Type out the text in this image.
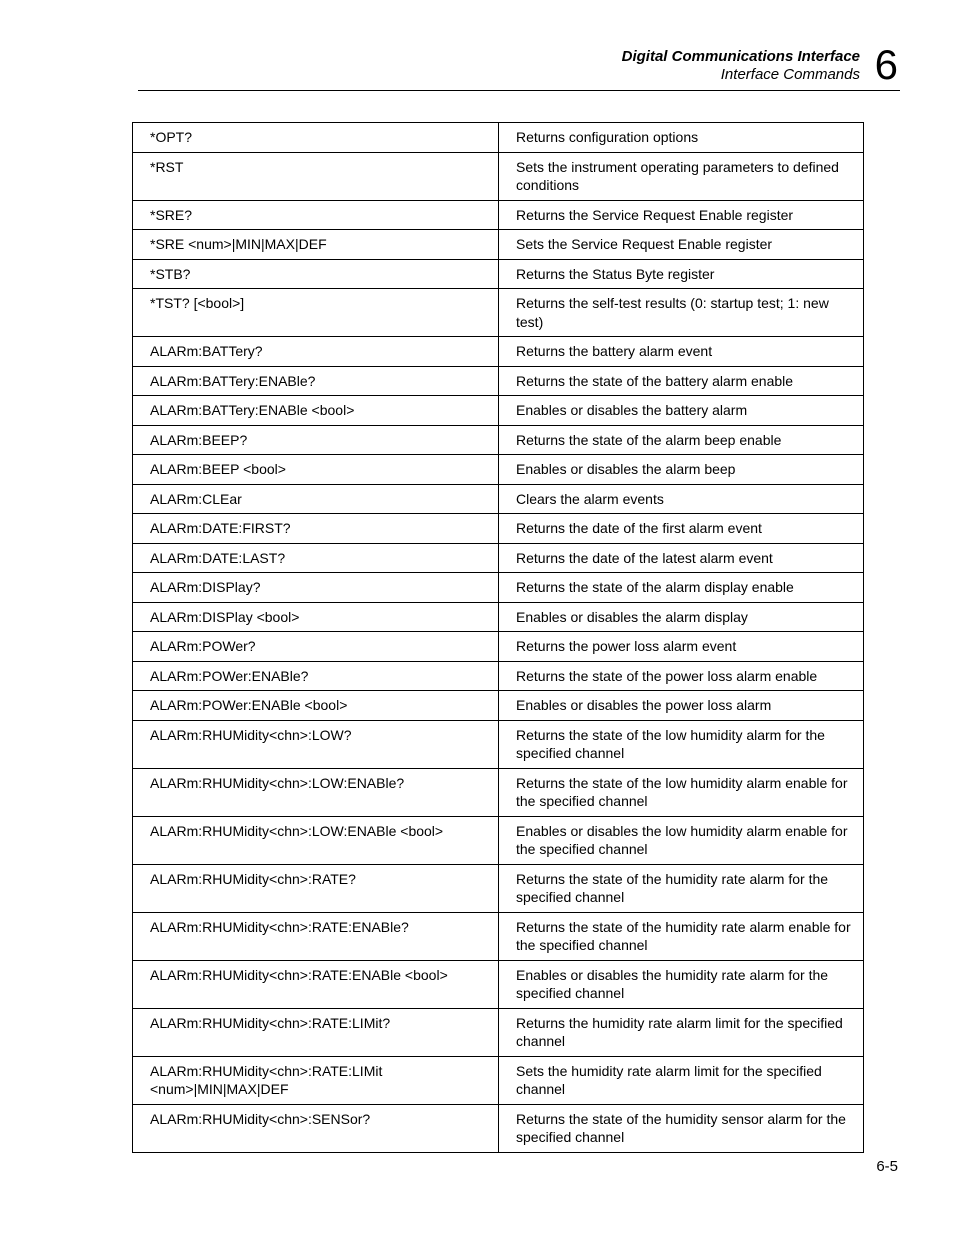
Digital Communications Interface
Interface Commands 6
*OPT?	Returns configuration options
*RST	Sets the instrument operating parameters to defined conditions
*SRE?	Returns the Service Request Enable register
*SRE <num>|MIN|MAX|DEF	Sets the Service Request Enable register
*STB?	Returns the Status Byte register
*TST? [<bool>]	Returns the self-test results (0: startup test; 1: new test)
ALARm:BATTery?	Returns the battery alarm event
ALARm:BATTery:ENABle?	Returns the state of the battery alarm enable
ALARm:BATTery:ENABle <bool>	Enables or disables the battery alarm
ALARm:BEEP?	Returns the state of the alarm beep enable
ALARm:BEEP <bool>	Enables or disables the alarm beep
ALARm:CLEar	Clears the alarm events
ALARm:DATE:FIRST?	Returns the date of the first alarm event
ALARm:DATE:LAST?	Returns the date of the latest alarm event
ALARm:DISPlay?	Returns the state of the alarm display enable
ALARm:DISPlay <bool>	Enables or disables the alarm display
ALARm:POWer?	Returns the power loss alarm event
ALARm:POWer:ENABle?	Returns the state of the power loss alarm enable
ALARm:POWer:ENABle <bool>	Enables or disables the power loss alarm
ALARm:RHUMidity<chn>:LOW?	Returns the state of the low humidity alarm for the specified channel
ALARm:RHUMidity<chn>:LOW:ENABle?	Returns the state of the low humidity alarm enable for the specified channel
ALARm:RHUMidity<chn>:LOW:ENABle <bool>	Enables or disables the low humidity alarm enable for the specified channel
ALARm:RHUMidity<chn>:RATE?	Returns the state of the humidity rate alarm for the specified channel
ALARm:RHUMidity<chn>:RATE:ENABle?	Returns the state of the humidity rate alarm enable for the specified channel
ALARm:RHUMidity<chn>:RATE:ENABle <bool>	Enables or disables the humidity rate alarm for the specified channel
ALARm:RHUMidity<chn>:RATE:LIMit?	Returns the humidity rate alarm limit for the specified channel
ALARm:RHUMidity<chn>:RATE:LIMit <num>|MIN|MAX|DEF	Sets the humidity rate alarm limit for the specified channel
ALARm:RHUMidity<chn>:SENSor?	Returns the state of the humidity sensor alarm for the specified channel
6-5
